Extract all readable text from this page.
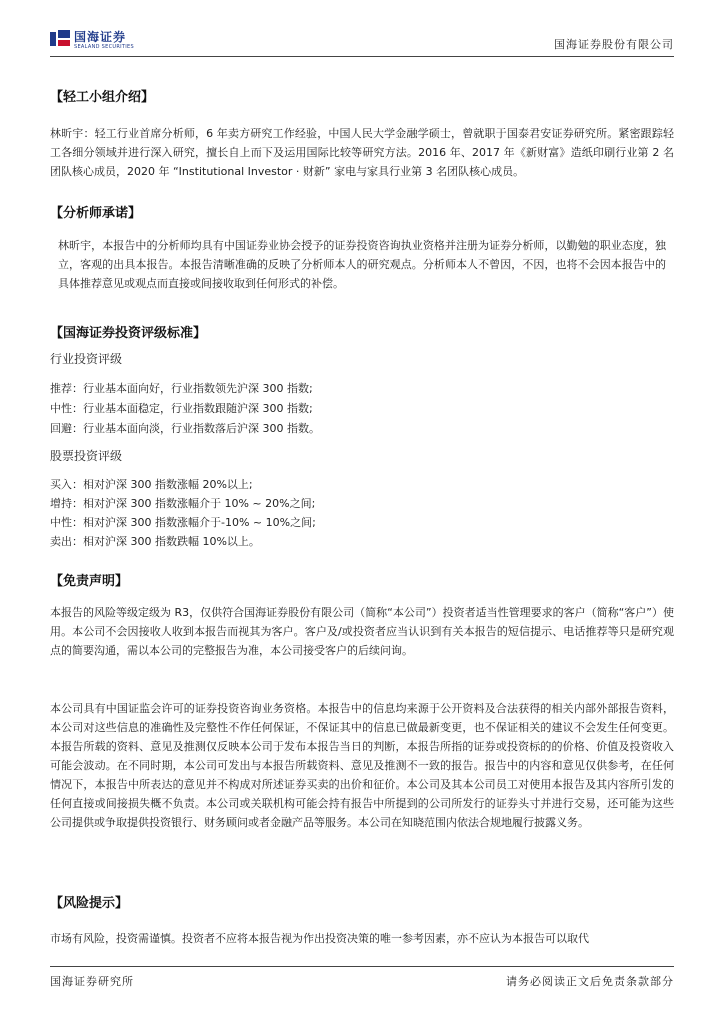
国海证券
SEALAND SECURITIES	国海证券股份有限公司
【轻工小组介绍】
林昕宇：轻工行业首席分析师，6 年卖方研究工作经验，中国人民大学金融学硕士，曾就职于国泰君安证券研究所。紧密跟踪轻工各细分领域并进行深入研究，擅长自上而下及运用国际比较等研究方法。2016 年、2017 年《新财富》造纸印刷行业第 2 名团队核心成员，2020 年 “Institutional Investor · 财新” 家电与家具行业第 3 名团队核心成员。
【分析师承诺】
林昕宇，本报告中的分析师均具有中国证券业协会授予的证券投资咨询执业资格并注册为证券分析师，以勤勉的职业态度，独立，客观的出具本报告。本报告清晰准确的反映了分析师本人的研究观点。分析师本人不曾因，不因，也将不会因本报告中的具体推荐意见或观点而直接或间接收取到任何形式的补偿。
【国海证券投资评级标准】
行业投资评级
推荐：行业基本面向好，行业指数领先沪深 300 指数;
中性：行业基本面稳定，行业指数跟随沪深 300 指数;
回避：行业基本面向淡，行业指数落后沪深 300 指数。
股票投资评级
买入：相对沪深 300 指数涨幅 20%以上;
增持：相对沪深 300 指数涨幅介于 10% ~ 20%之间;
中性：相对沪深 300 指数涨幅介于-10% ~ 10%之间;
卖出：相对沪深 300 指数跌幅 10%以上。
【免责声明】
本报告的风险等级定级为 R3，仅供符合国海证券股份有限公司（简称“本公司”）投资者适当性管理要求的客户（简称“客户”）使用。本公司不会因接收人收到本报告而视其为客户。客户及/或投资者应当认识到有关本报告的短信提示、电话推荐等只是研究观点的简要沟通，需以本公司的完整报告为准，本公司接受客户的后续问询。
本公司具有中国证监会许可的证券投资咨询业务资格。本报告中的信息均来源于公开资料及合法获得的相关内部外部报告资料，本公司对这些信息的准确性及完整性不作任何保证，不保证其中的信息已做最新变更，也不保证相关的建议不会发生任何变更。本报告所载的资料、意见及推测仅反映本公司于发布本报告当日的判断，本报告所指的证券或投资标的的价格、价值及投资收入可能会波动。在不同时期，本公司可发出与本报告所载资料、意见及推测不一致的报告。报告中的内容和意见仅供参考，在任何情况下，本报告中所表达的意见并不构成对所述证券买卖的出价和征价。本公司及其本公司员工对使用本报告及其内容所引发的任何直接或间接损失概不负责。本公司或关联机构可能会持有报告中所提到的公司所发行的证券头寸并进行交易，还可能为这些公司提供或争取提供投资银行、财务顾问或者金融产品等服务。本公司在知晓范围内依法合规地履行披露义务。
【风险提示】
市场有风险，投资需谨慎。投资者不应将本报告视为作出投资决策的唯一参考因素，亦不应认为本报告可以取代
国海证券研究所	请务必阅读正文后免责条款部分
